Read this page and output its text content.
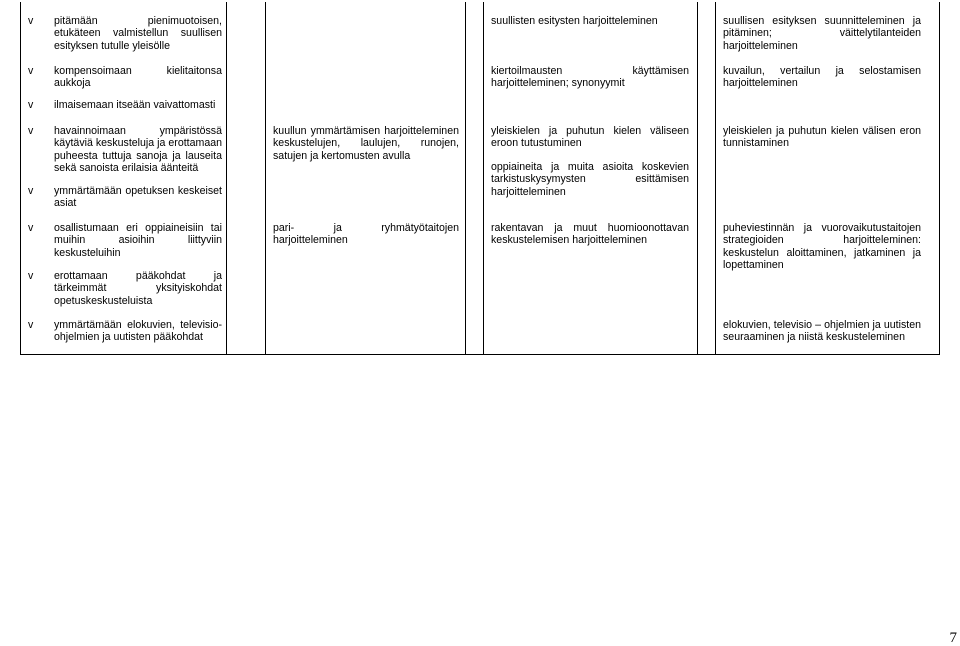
v pitämään pienimuotoisen, etukäteen valmistellun suullisen esityksen tutulle yleisölle
suullisten esitysten harjoitteleminen	suullisen esityksen suunnitteleminen ja pitäminen; väittelytilanteiden harjoitteleminen
v kompensoimaan kielitaitonsa aukkoja
kiertoilmausten käyttämisen harjoitteleminen; synonyymit
kuvailun, vertailun ja selostamisen harjoitteleminen
v ilmaisemaan itseään vaivattomasti
v havainnoimaan ympäristössä käytäviä keskusteluja ja erottamaan puheesta tuttuja sanoja ja lauseita sekä sanoista erilaisia äänteitä
v ymmärtämään opetuksen keskeiset asiat
kuullun ymmärtämisen harjoitteleminen keskustelujen, laulujen, runojen, satujen ja kertomusten avulla
yleiskielen ja puhutun kielen väliseen eroon tutustuminen
oppiaineita ja muita asioita koskevien tarkistuskysymysten esittämisen harjoitteleminen
yleiskielen ja puhutun kielen välisen eron tunnistaminen
v osallistumaan eri oppiaineisiin tai muihin asioihin liittyviin keskusteluihin
v erottamaan pääkohdat ja tärkeimmät yksityiskohdat opetuskeskusteluista
pari- ja ryhmätyötaitojen harjoitteleminen
rakentavan ja muut huomioonottavan keskustelemisen harjoitteleminen
puheviestinnän ja vuorovaikutustaitojen strategioiden harjoitteleminen: keskustelun aloittaminen, jatkaminen ja lopettaminen
v ymmärtämään elokuvien, televisio-ohjelmien ja uutisten pääkohdat
elokuvien, televisio – ohjelmien ja uutisten seuraaminen ja niistä keskusteleminen
7
